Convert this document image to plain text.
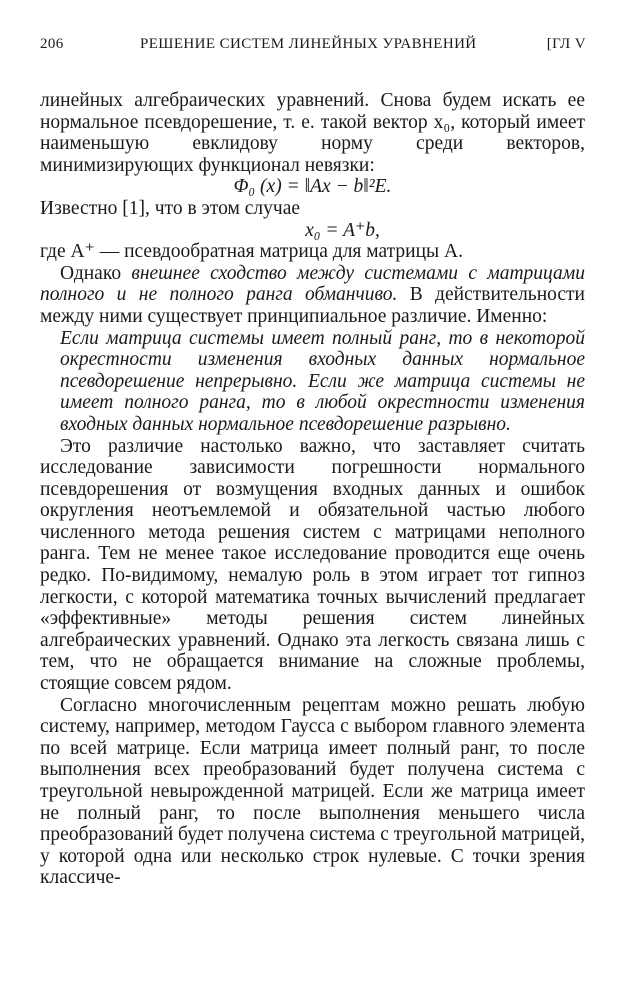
206	РЕШЕНИЕ СИСТЕМ ЛИНЕЙНЫХ УРАВНЕНИЙ	[ГЛ V

линейных алгебраических уравнений. Снова будем искать ее нормальное псевдорешение, т. е. такой вектор x₀, который имеет наименьшую евклидову норму среди векторов, минимизирующих функционал невязки:

Φ₀ (x) = ‖Ax − b‖²E.

Известно [1], что в этом случае

x₀ = A⁺b,

где A⁺ — псевдообратная матрица для матрицы A.

Однако внешнее сходство между системами с матрицами полного и не полного ранга обманчиво. В действительности между ними существует принципиальное различие. Именно:

Если матрица системы имеет полный ранг, то в некоторой окрестности изменения входных данных нормальное псевдорешение непрерывно. Если же матрица системы не имеет полного ранга, то в любой окрестности изменения входных данных нормальное псевдорешение разрывно.

Это различие настолько важно, что заставляет считать исследование зависимости погрешности нормального псевдорешения от возмущения входных данных и ошибок округления неотъемлемой и обязательной частью любого численного метода решения систем с матрицами неполного ранга. Тем не менее такое исследование проводится еще очень редко. По-видимому, немалую роль в этом играет тот гипноз легкости, с которой математика точных вычислений предлагает «эффективные» методы решения систем линейных алгебраических уравнений. Однако эта легкость связана лишь с тем, что не обращается внимание на сложные проблемы, стоящие совсем рядом.

Согласно многочисленным рецептам можно решать любую систему, например, методом Гаусса с выбором главного элемента по всей матрице. Если матрица имеет полный ранг, то после выполнения всех преобразований будет получена система с треугольной невырожденной матрицей. Если же матрица имеет не полный ранг, то после выполнения меньшего числа преобразований будет получена система с треугольной матрицей, у которой одна или несколько строк нулевые. С точки зрения классиче-
